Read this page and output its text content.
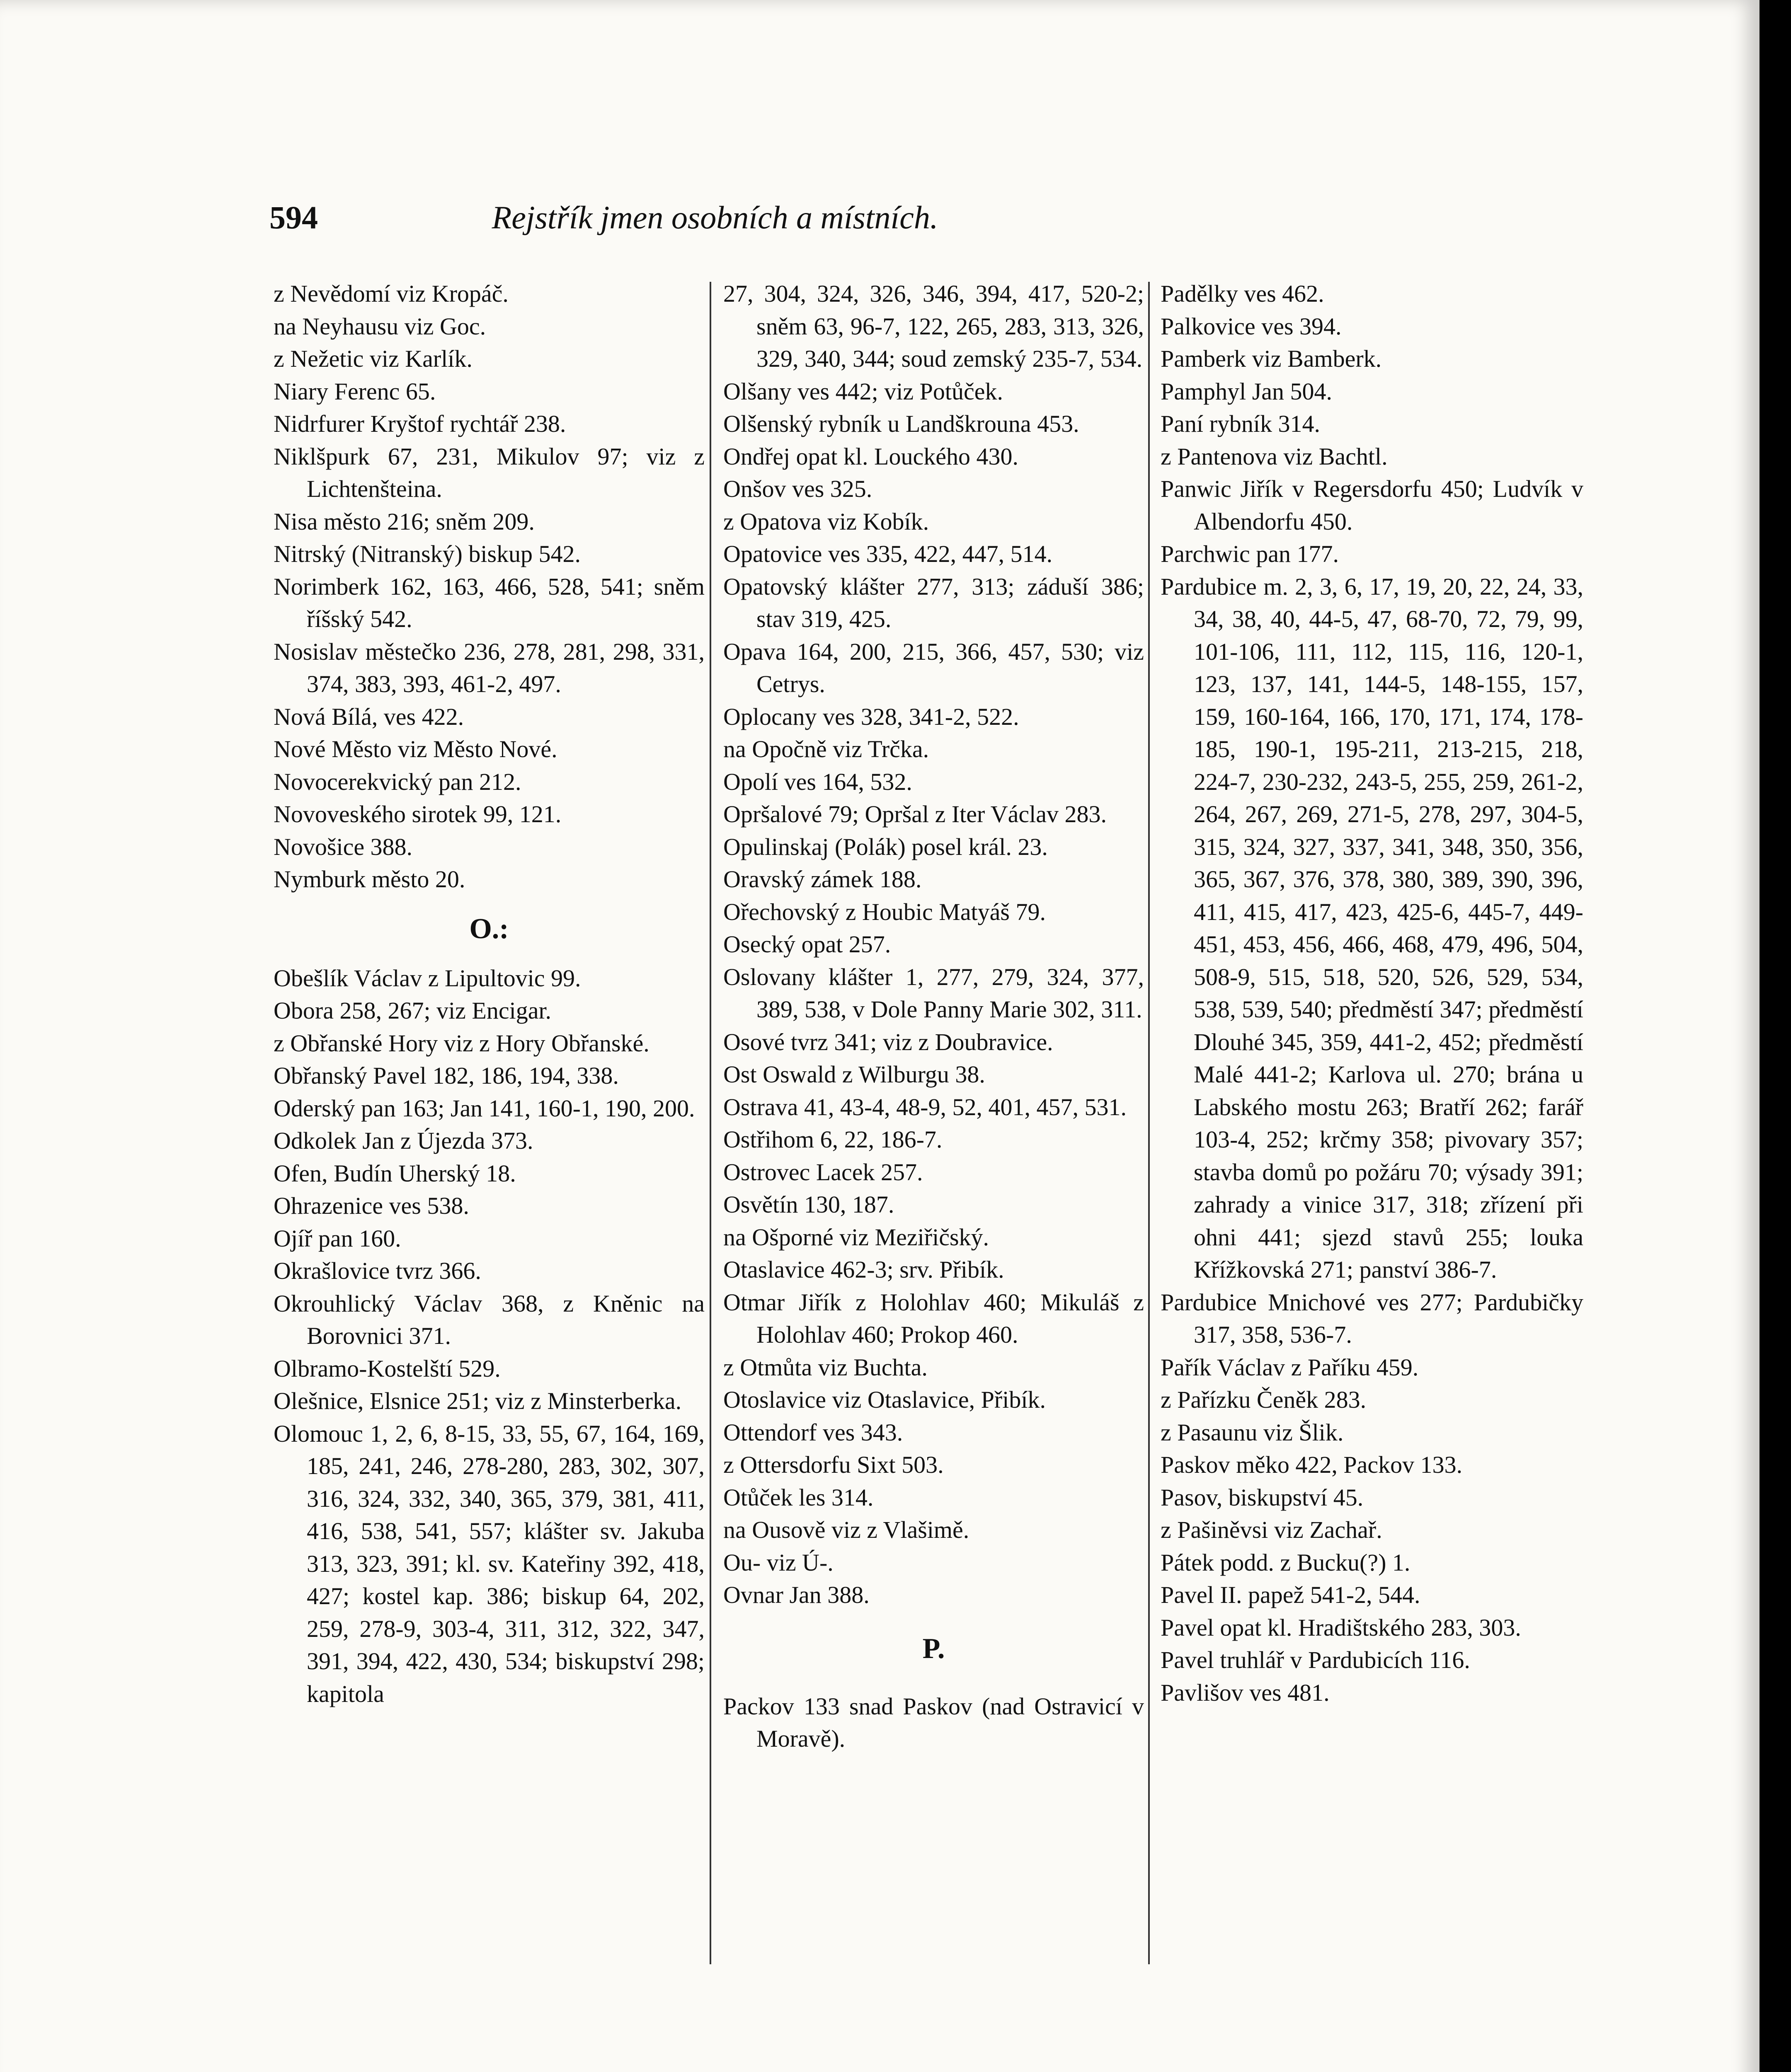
594	Rejstřík jmen osobních a místních.

z Nevědomí viz Kropáč.

na Neyhausu viz Goc.

z Nežetic viz Karlík.

Niary Ferenc 65.

Nidrfurer Kryštof rychtář 238.

Niklšpurk 67, 231, Mikulov 97; viz z Lichtenšteina.

Nisa město 216; sněm 209.

Nitrský (Nitranský) biskup 542.

Norimberk 162, 163, 466, 528, 541; sněm říšský 542.

Nosislav městečko 236, 278, 281, 298, 331, 374, 383, 393, 461-2, 497.

Nová Bílá, ves 422.

Nové Město viz Město Nové.

Novocerekvický pan 212.

Novoveského sirotek 99, 121.

Novošice 388.

Nymburk město 20.

O.:

Obešlík Václav z Lipultovic 99.

Obora 258, 267; viz Encigar.

z Obřanské Hory viz z Hory Obřanské.

Obřanský Pavel 182, 186, 194, 338.

Oderský pan 163; Jan 141, 160-1, 190, 200.

Odkolek Jan z Újezda 373.

Ofen, Budín Uherský 18.

Ohrazenice ves 538.

Ojíř pan 160.

Okrašlovice tvrz 366.

Okrouhlický Václav 368, z Kněnic na Borovnici 371.

Olbramo-Kostelští 529.

Olešnice, Elsnice 251; viz z Minsterberka.

Olomouc 1, 2, 6, 8-15, 33, 55, 67, 164, 169, 185, 241, 246, 278-280, 283, 302, 307, 316, 324, 332, 340, 365, 379, 381, 411, 416, 538, 541, 557; klášter sv. Jakuba 313, 323, 391; kl. sv. Kateřiny 392, 418, 427; kostel kap. 386; biskup 64, 202, 259, 278-9, 303-4, 311, 312, 322, 347, 391, 394, 422, 430, 534; biskupství 298; kapitola

27, 304, 324, 326, 346, 394, 417, 520-2; sněm 63, 96-7, 122, 265, 283, 313, 326, 329, 340, 344; soud zemský 235-7, 534.

Olšany ves 442; viz Potůček.

Olšenský rybník u Landškrouna 453.

Ondřej opat kl. Louckého 430.

Onšov ves 325.

z Opatova viz Kobík.

Opatovice ves 335, 422, 447, 514.

Opatovský klášter 277, 313; záduší 386; stav 319, 425.

Opava 164, 200, 215, 366, 457, 530; viz Cetrys.

Oplocany ves 328, 341-2, 522.

na Opočně viz Trčka.

Opolí ves 164, 532.

Opršalové 79; Opršal z Iter Václav 283.

Opulinskaj (Polák) posel král. 23.

Oravský zámek 188.

Ořechovský z Houbic Matyáš 79.

Osecký opat 257.

Oslovany klášter 1, 277, 279, 324, 377, 389, 538, v Dole Panny Marie 302, 311.

Osové tvrz 341; viz z Doubravice.

Ost Oswald z Wilburgu 38.

Ostrava 41, 43-4, 48-9, 52, 401, 457, 531.

Ostřihom 6, 22, 186-7.

Ostrovec Lacek 257.

Osvětín 130, 187.

na Ošporné viz Meziřičský.

Otaslavice 462-3; srv. Přibík.

Otmar Jiřík z Holohlav 460; Mikuláš z Holohlav 460; Prokop 460.

z Otmůta viz Buchta.

Otoslavice viz Otaslavice, Přibík.

Ottendorf ves 343.

z Ottersdorfu Sixt 503.

Otůček les 314.

na Ousově viz z Vlašimě.

Ou- viz Ú-.

Ovnar Jan 388.

P.

Packov 133 snad Paskov (nad Ostravicí v Moravě).

Padělky ves 462.

Palkovice ves 394.

Pamberk viz Bamberk.

Pamphyl Jan 504.

Paní rybník 314.

z Pantenova viz Bachtl.

Panwic Jiřík v Regersdorfu 450; Ludvík v Albendorfu 450.

Parchwic pan 177.

Pardubice m. 2, 3, 6, 17, 19, 20, 22, 24, 33, 34, 38, 40, 44-5, 47, 68-70, 72, 79, 99, 101-106, 111, 112, 115, 116, 120-1, 123, 137, 141, 144-5, 148-155, 157, 159, 160-164, 166, 170, 171, 174, 178-185, 190-1, 195-211, 213-215, 218, 224-7, 230-232, 243-5, 255, 259, 261-2, 264, 267, 269, 271-5, 278, 297, 304-5, 315, 324, 327, 337, 341, 348, 350, 356, 365, 367, 376, 378, 380, 389, 390, 396, 411, 415, 417, 423, 425-6, 445-7, 449-451, 453, 456, 466, 468, 479, 496, 504, 508-9, 515, 518, 520, 526, 529, 534, 538, 539, 540; předměstí 347; předměstí Dlouhé 345, 359, 441-2, 452; předměstí Malé 441-2; Karlova ul. 270; brána u Labského mostu 263; Bratří 262; farář 103-4, 252; krčmy 358; pivovary 357; stavba domů po požáru 70; výsady 391; zahrady a vinice 317, 318; zřízení při ohni 441; sjezd stavů 255; louka Křížkovská 271; panství 386-7.

Pardubice Mnichové ves 277; Pardubičky 317, 358, 536-7.

Pařík Václav z Paříku 459.

z Pařízku Čeněk 283.

z Pasaunu viz Šlik.

Paskov měko 422, Packov 133.

Pasov, biskupství 45.

z Pašiněvsi viz Zachař.

Pátek podd. z Bucku(?) 1.

Pavel II. papež 541-2, 544.

Pavel opat kl. Hradištského 283, 303.

Pavel truhlář v Pardubicích 116.

Pavlišov ves 481.
